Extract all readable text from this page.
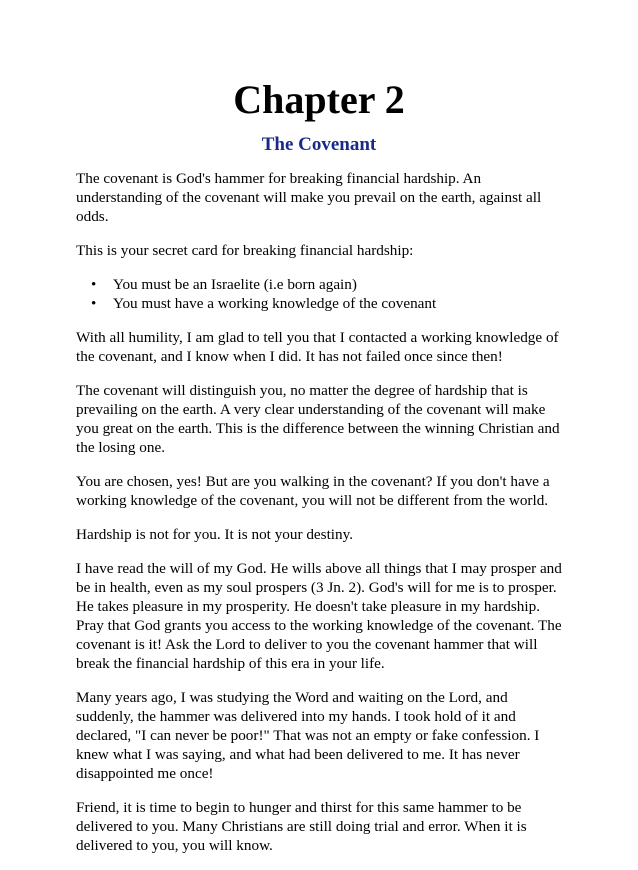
Chapter 2
The Covenant

The covenant is God's hammer for breaking financial hardship. An understanding of the covenant will make you prevail on the earth, against all odds.

This is your secret card for breaking financial hardship:

• You must be an Israelite (i.e born again)
• You must have a working knowledge of the covenant

With all humility, I am glad to tell you that I contacted a working knowledge of the covenant, and I know when I did. It has not failed once since then!

The covenant will distinguish you, no matter the degree of hardship that is prevailing on the earth. A very clear understanding of the covenant will make you great on the earth. This is the difference between the winning Christian and the losing one.

You are chosen, yes! But are you walking in the covenant? If you don't have a working knowledge of the covenant, you will not be different from the world.

Hardship is not for you. It is not your destiny.

I have read the will of my God. He wills above all things that I may prosper and be in health, even as my soul prospers (3 Jn. 2). God's will for me is to prosper. He takes pleasure in my prosperity. He doesn't take pleasure in my hardship. Pray that God grants you access to the working knowledge of the covenant. The covenant is it! Ask the Lord to deliver to you the covenant hammer that will break the financial hardship of this era in your life.

Many years ago, I was studying the Word and waiting on the Lord, and suddenly, the hammer was delivered into my hands. I took hold of it and declared, "I can never be poor!" That was not an empty or fake confession. I knew what I was saying, and what had been delivered to me. It has never disappointed me once!

Friend, it is time to begin to hunger and thirst for this same hammer to be delivered to you. Many Christians are still doing trial and error. When it is delivered to you, you will know.
